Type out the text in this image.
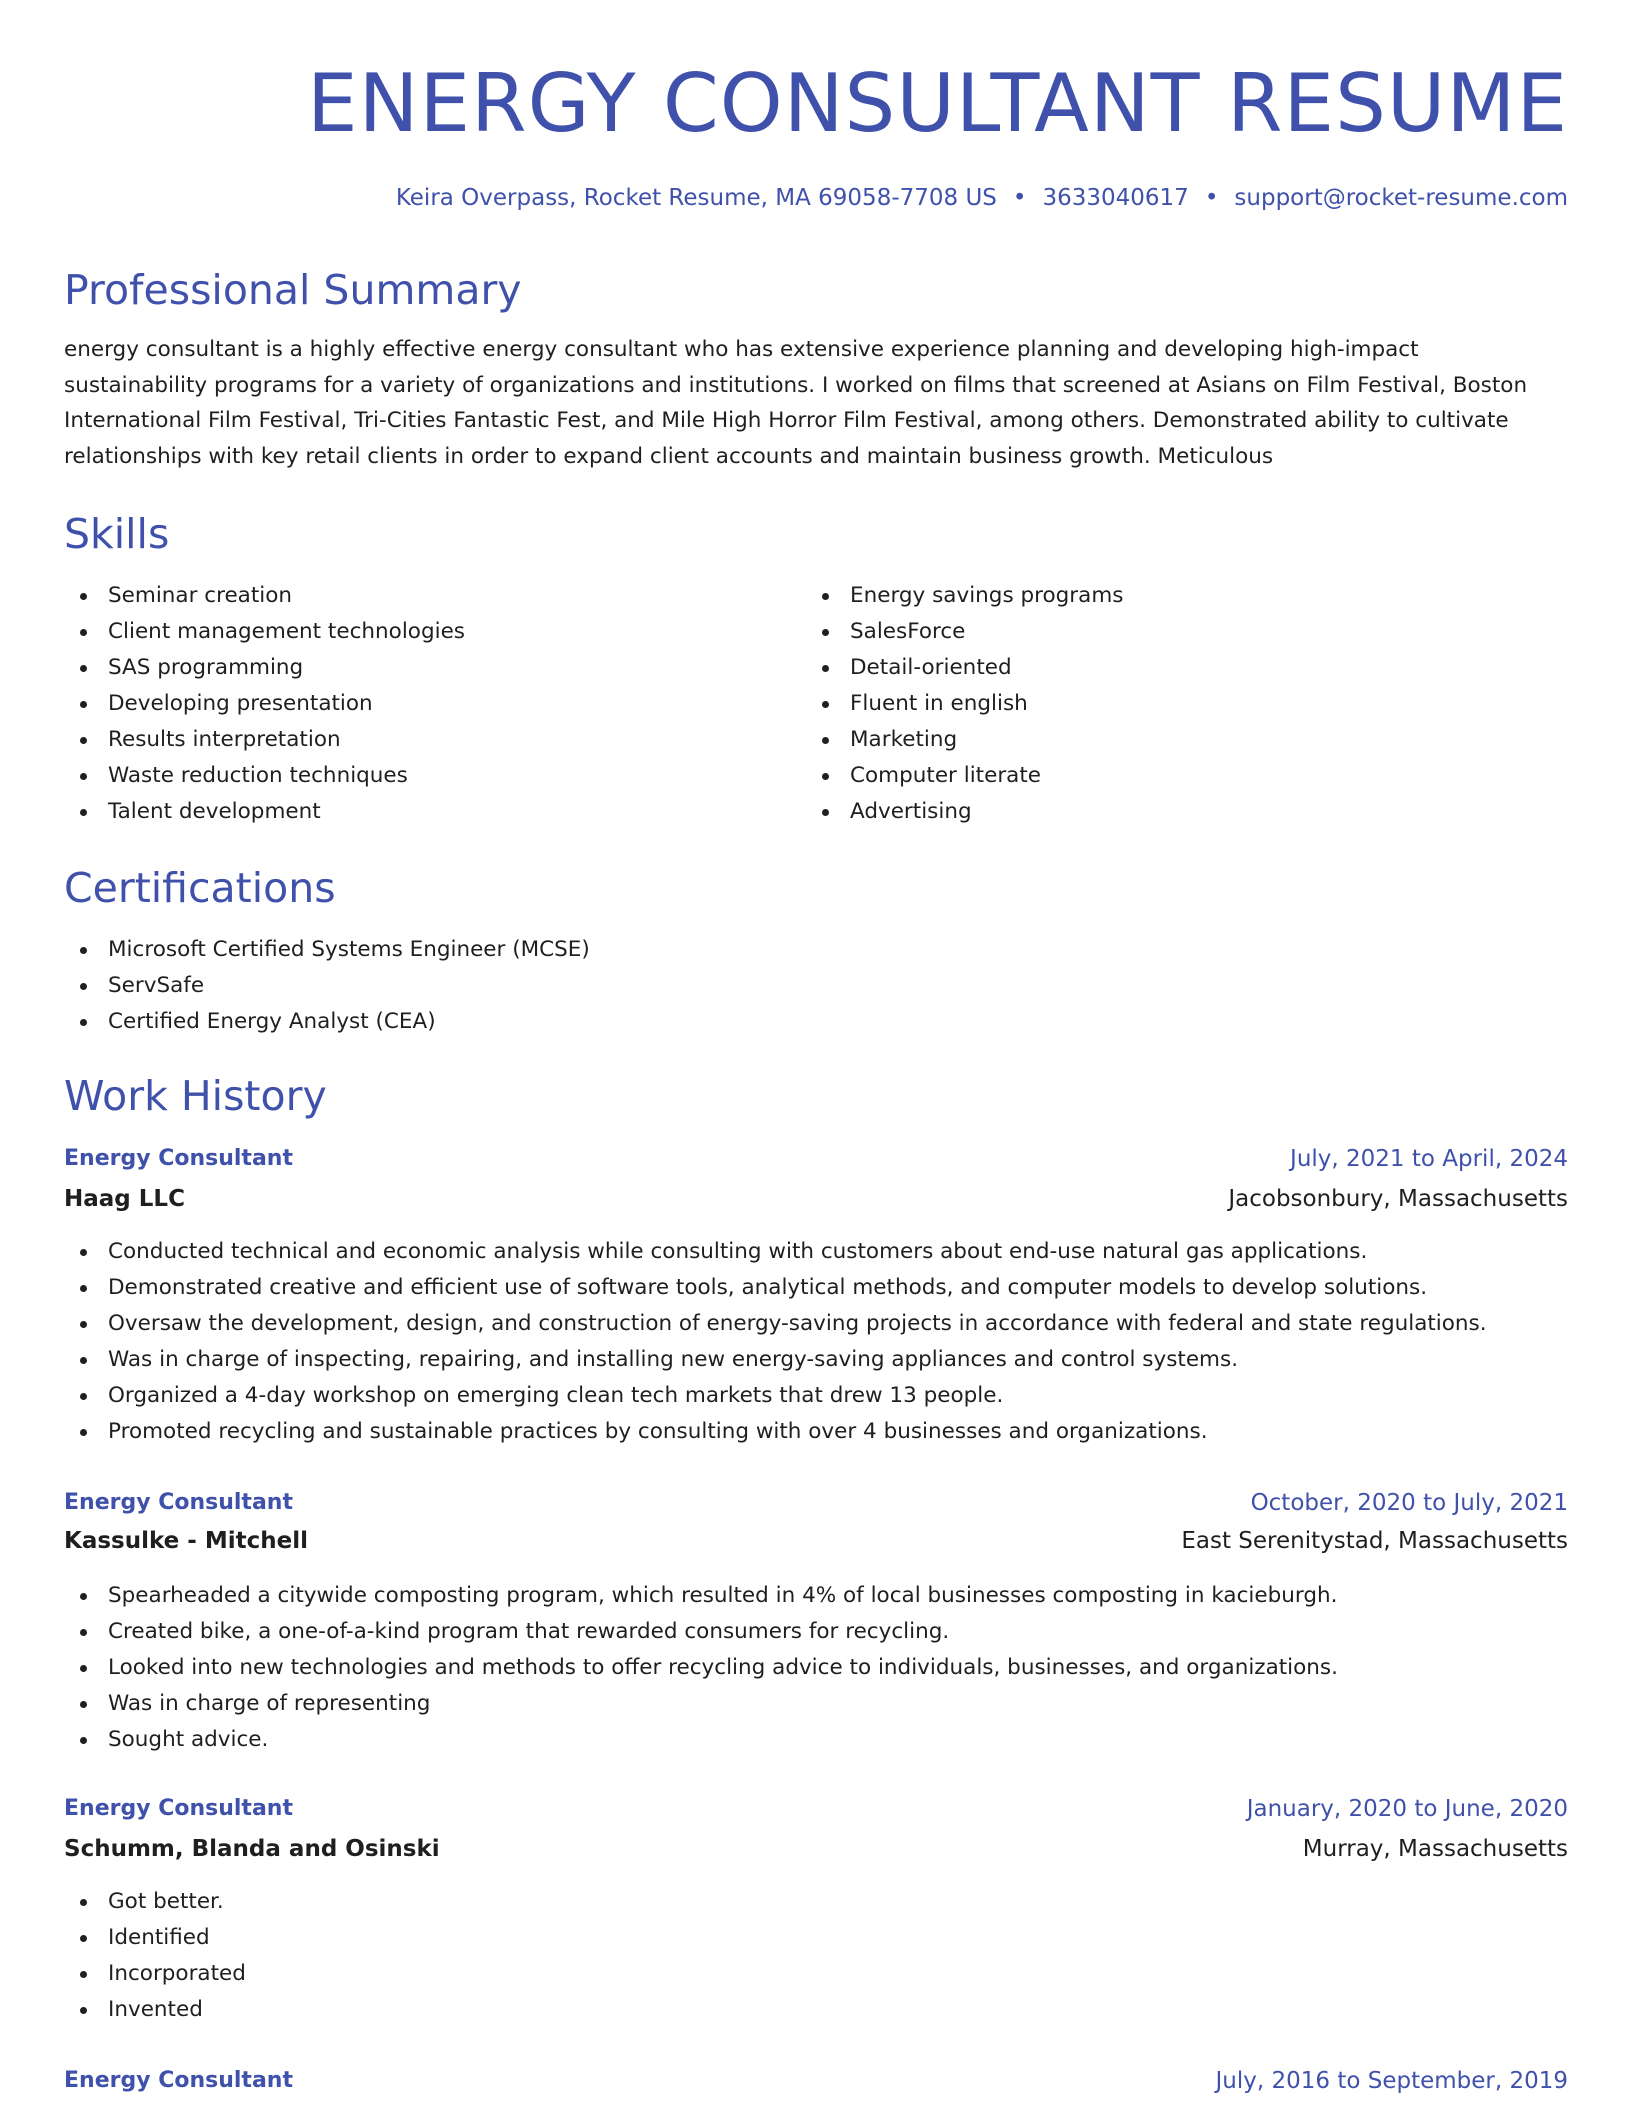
ENERGY CONSULTANT RESUME
Keira Overpass, Rocket Resume, MA 69058-7708 US • 3633040617 • support@rocket-resume.com
Professional Summary

energy consultant is a highly effective energy consultant who has extensive experience planning and developing high-impact sustainability programs for a variety of organizations and institutions. I worked on films that screened at Asians on Film Festival, Boston International Film Festival, Tri-Cities Fantastic Fest, and Mile High Horror Film Festival, among others. Demonstrated ability to cultivate relationships with key retail clients in order to expand client accounts and maintain business growth. Meticulous

Skills
Seminar creation
Client management technologies
SAS programming
Developing presentation
Results interpretation
Waste reduction techniques
Talent development
Energy savings programs
SalesForce
Detail-oriented
Fluent in english
Marketing
Computer literate
Advertising
Certifications
Microsoft Certified Systems Engineer (MCSE)
ServSafe
Certified Energy Analyst (CEA)
Work History
Energy Consultant	July, 2021 to April, 2024
Haag LLC	Jacobsonbury, Massachusetts
Conducted technical and economic analysis while consulting with customers about end-use natural gas applications.
Demonstrated creative and efficient use of software tools, analytical methods, and computer models to develop solutions.
Oversaw the development, design, and construction of energy-saving projects in accordance with federal and state regulations.
Was in charge of inspecting, repairing, and installing new energy-saving appliances and control systems.
Organized a 4-day workshop on emerging clean tech markets that drew 13 people.
Promoted recycling and sustainable practices by consulting with over 4 businesses and organizations.
Energy Consultant	October, 2020 to July, 2021
Kassulke - Mitchell	East Serenitystad, Massachusetts
Spearheaded a citywide composting program, which resulted in 4% of local businesses composting in kacieburgh.
Created bike, a one-of-a-kind program that rewarded consumers for recycling.
Looked into new technologies and methods to offer recycling advice to individuals, businesses, and organizations.
Was in charge of representing
Sought advice.
Energy Consultant	January, 2020 to June, 2020
Schumm, Blanda and Osinski	Murray, Massachusetts
Got better.
Identified
Incorporated
Invented
Energy Consultant	July, 2016 to September, 2019
